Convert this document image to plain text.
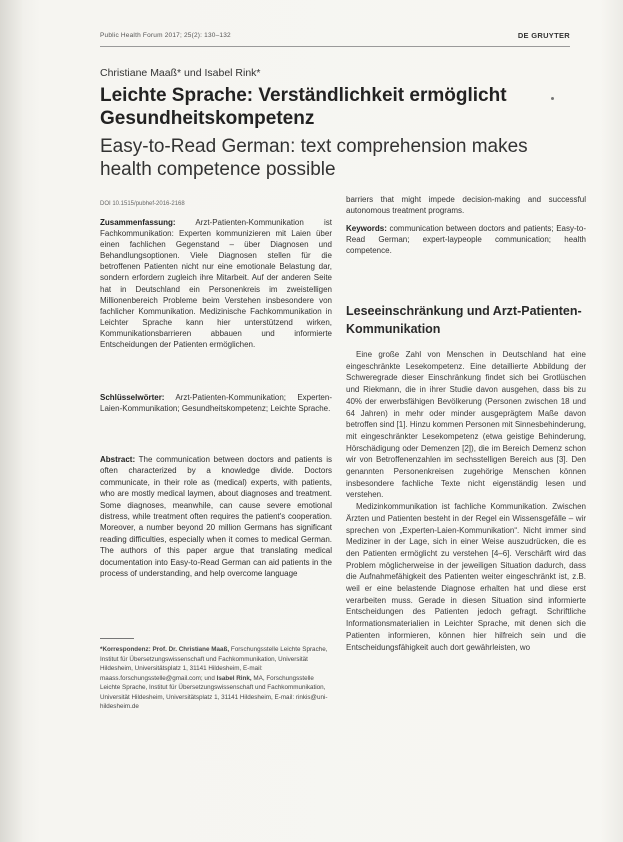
Public Health Forum 2017; 25(2): 130–132	DE GRUYTER
Christiane Maaß* und Isabel Rink*
Leichte Sprache: Verständlichkeit ermöglicht Gesundheitskompetenz
Easy-to-Read German: text comprehension makes health competence possible
DOI 10.1515/pubhef-2016-2168
Zusammenfassung: Arzt-Patienten-Kommunikation ist Fachkommunikation: Experten kommunizieren mit Laien über einen fachlichen Gegenstand – über Diagnosen und Behandlungsoptionen. Viele Diagnosen stellen für die betroffenen Patienten nicht nur eine emotionale Belastung dar, sondern erfordern zugleich ihre Mitarbeit. Auf der anderen Seite hat in Deutschland ein Personenkreis im zweistelligen Millionenbereich Probleme beim Verstehen insbesondere von fachlicher Kommunikation. Medizinische Fachkommunikation in Leichter Sprache kann hier unterstützend wirken, Kommunikationsbarrieren abbauen und informierte Entscheidungen der Patienten ermöglichen.
Schlüsselwörter: Arzt-Patienten-Kommunikation; Experten-Laien-Kommunikation; Gesundheitskompetenz; Leichte Sprache.
Abstract: The communication between doctors and patients is often characterized by a knowledge divide. Doctors communicate, in their role as (medical) experts, with patients, who are mostly medical laymen, about diagnoses and treatment. Some diagnoses, meanwhile, can cause severe emotional distress, while treatment often requires the patient's cooperation. Moreover, a number beyond 20 million Germans has significant reading difficulties, especially when it comes to medical German. The authors of this paper argue that translating medical documentation into Easy-to-Read German can aid patients in the process of understanding, and help overcome language
*Korrespondenz: Prof. Dr. Christiane Maaß, Forschungsstelle Leichte Sprache, Institut für Übersetzungswissenschaft und Fachkommunikation, Universität Hildesheim, Universitätsplatz 1, 31141 Hildesheim, E-mail: maass.forschungsstelle@gmail.com; und Isabel Rink, MA, Forschungsstelle Leichte Sprache, Institut für Übersetzungswissenschaft und Fachkommunikation, Universität Hildesheim, Universitätsplatz 1, 31141 Hildesheim, E-mail: rinkis@uni-hildesheim.de
barriers that might impede decision-making and successful autonomous treatment programs.
Keywords: communication between doctors and patients; Easy-to-Read German; expert-laypeople communication; health competence.
Leseeinschränkung und Arzt-Patienten-Kommunikation
Eine große Zahl von Menschen in Deutschland hat eine eingeschränkte Lesekompetenz. Eine detaillierte Abbildung der Schweregrade dieser Einschränkung findet sich bei Grotlüschen und Riekmann, die in ihrer Studie davon ausgehen, dass bis zu 40% der erwerbsfähigen Bevölkerung (Personen zwischen 18 und 64 Jahren) in mehr oder minder ausgeprägtem Maße davon betroffen sind [1]. Hinzu kommen Personen mit Sinnesbehinderung, mit eingeschränkter Lesekompetenz (etwa geistige Behinderung, Hörschädigung oder Demenzen [2]), die im Bereich Demenz schon wir von Betroffenenzahlen im sechsstelligen Bereich aus [3]. Den genannten Personenkreisen zugehörige Menschen können insbesondere fachliche Texte nicht eigenständig lesen und verstehen.
Medizinkommunikation ist fachliche Kommunikation. Zwischen Ärzten und Patienten besteht in der Regel ein Wissensgefälle – wir sprechen von „Experten-Laien-Kommunikation“. Nicht immer sind Mediziner in der Lage, sich in einer Weise auszudrücken, die es den Patienten ermöglicht zu verstehen [4–6]. Verschärft wird das Problem möglicherweise in der jeweiligen Situation dadurch, dass die Aufnahmefähigkeit des Patienten weiter eingeschränkt ist, z.B. weil er eine belastende Diagnose erhalten hat und diese erst verarbeiten muss. Gerade in diesen Situation sind informierte Entscheidungen des Patienten jedoch gefragt. Schriftliche Informationsmaterialien in Leichter Sprache, mit denen sich die Patienten informieren, können hier hilfreich sein und die Entscheidungsfähigkeit auch dort gewährleisten, wo
